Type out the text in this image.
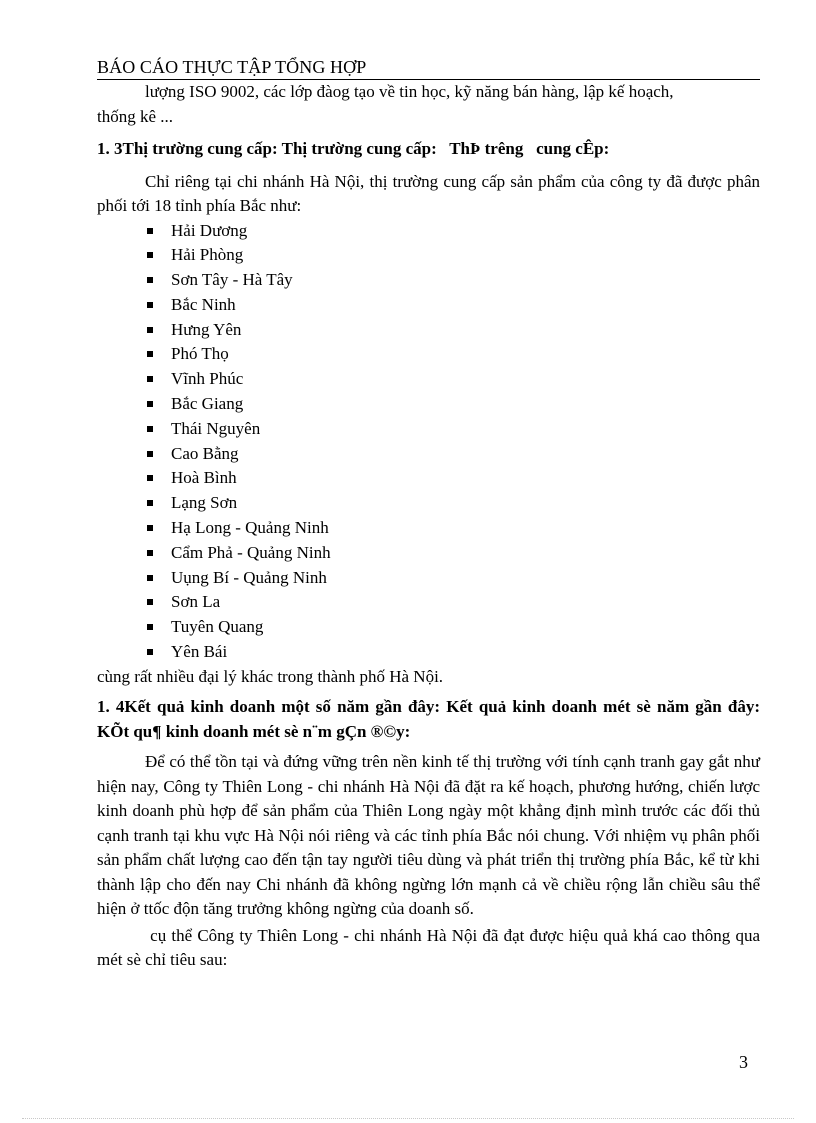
BÁO CÁO THỰC TẬP TỔNG HỢP

lượng ISO 9002, các lớp đàog tạo về tin học, kỹ năng bán hàng, lập kế hoạch,

thống kê ...

1. 3Thị trường cung cấp: Thị trường cung cấp:   ThÞ trêng   cung cÊp:

Chỉ riêng tại chi nhánh Hà Nội, thị trường cung cấp sản phẩm của công ty đã được phân phối tới 18 tỉnh phía Bắc như:

Hải Dương
Hải Phòng
Sơn Tây - Hà Tây
Bắc Ninh
Hưng Yên
Phó Thọ
Vĩnh Phúc
Bắc Giang
Thái Nguyên
Cao Bằng
Hoà Bình
Lạng Sơn
Hạ Long - Quảng Ninh
Cẩm Phả - Quảng Ninh
Uụng Bí - Quảng Ninh
Sơn La
Tuyên Quang
Yên Bái

cùng rất nhiều đại lý khác trong thành phố Hà Nội.

1. 4Kết quả kinh doanh một số năm gần đây: Kết quả kinh doanh mét sè năm gần đây:      KÕt qu¶ kinh doanh mét sè n¨m gÇn ®©y:

Để có thể tồn tại và đứng vững trên nền kinh tế thị trường với tính cạnh tranh gay gắt như hiện nay, Công ty Thiên Long - chi nhánh Hà Nội đã đặt ra kế hoạch, phương hướng, chiến lược kinh doanh phù hợp để sản phẩm của Thiên Long ngày một khẳng định mình trước các đối thủ cạnh tranh tại khu vực Hà Nội nói riêng và các tỉnh phía Bắc nói chung. Với nhiệm vụ phân phối sản phẩm chất lượng cao đến tận tay người tiêu dùng và phát triển thị trường phía Bắc, kể từ khi thành lập cho đến nay Chi nhánh đã không ngừng lớn mạnh cả về chiều rộng lẫn chiều sâu thể hiện ở ttốc độn tăng trưởng không ngừng của doanh số.

cụ thể Công ty Thiên Long - chi nhánh Hà Nội đã đạt được hiệu quả khá cao thông qua mét sè chỉ tiêu sau:

3
